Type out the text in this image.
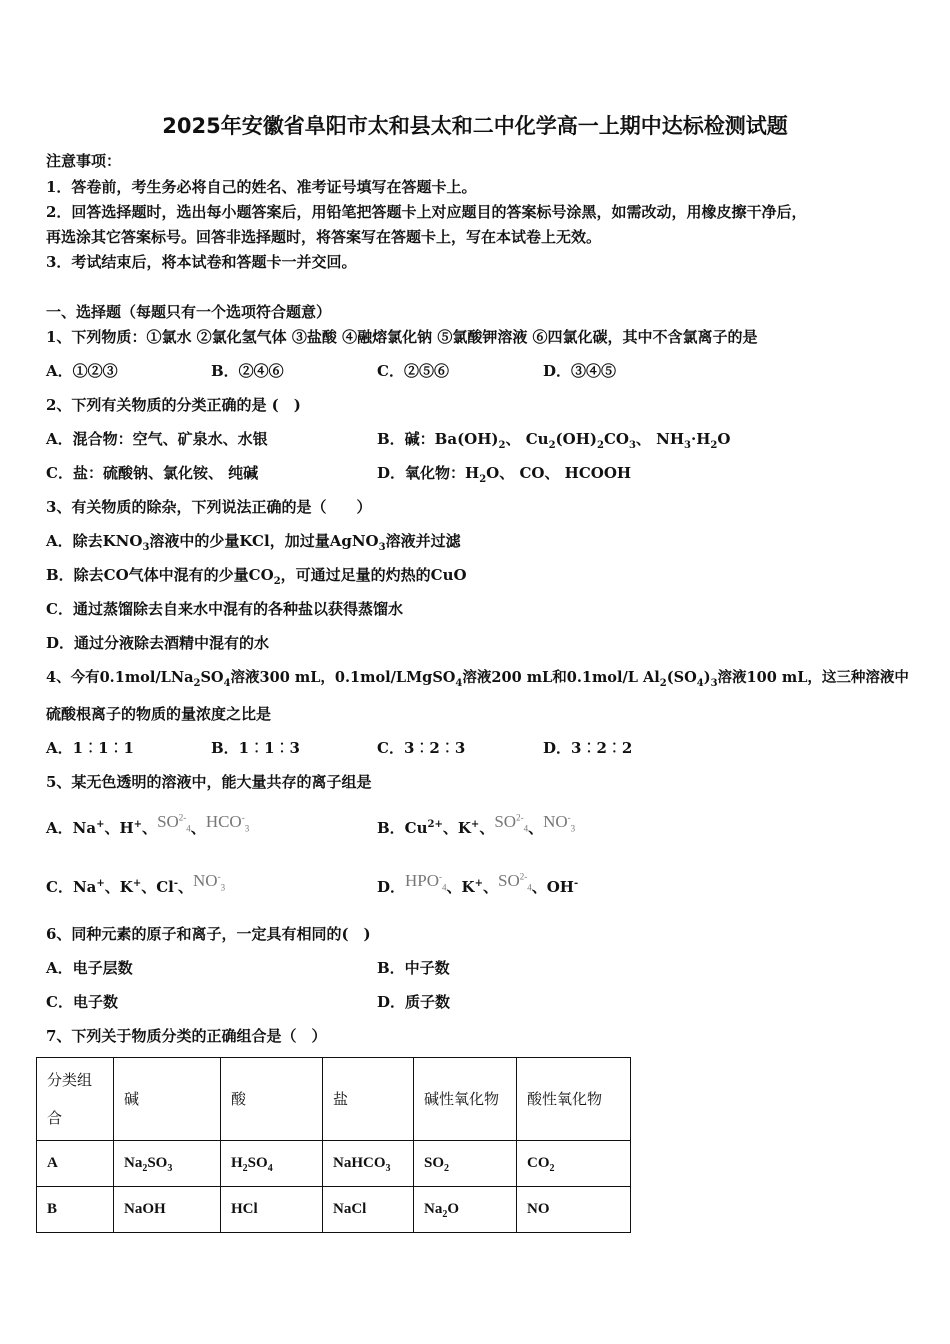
2025年安徽省阜阳市太和县太和二中化学高一上期中达标检测试题
注意事项：
1．答卷前，考生务必将自己的姓名、准考证号填写在答题卡上。
2．回答选择题时，选出每小题答案后，用铅笔把答题卡上对应题目的答案标号涂黑，如需改动，用橡皮擦干净后，
再选涂其它答案标号。回答非选择题时，将答案写在答题卡上，写在本试卷上无效。
3．考试结束后，将本试卷和答题卡一并交回。
一、选择题（每题只有一个选项符合题意）
1、下列物质：①氯水 ②氯化氢气体 ③盐酸 ④融熔氯化钠 ⑤氯酸钾溶液 ⑥四氯化碳，其中不含氯离子的是
A．①②③	B．②④⑥	C．②⑤⑥	D．③④⑤
2、下列有关物质的分类正确的是 (　)
A．混合物：空气、矿泉水、水银	B．碱：$Ba(OH)_2$、 $Cu_2(OH)_2CO_3$、 $NH_3\cdot H_2O$
C．盐：硫酸钠、氯化铵、 纯碱	D．氧化物：$H_2O$、 CO、 HCOOH
3、有关物质的除杂，下列说法正确的是（　　）
A．除去$KNO_3$溶液中的少量KCl，加过量AgNO$_3$溶液并过滤
B．除去CO气体中混有的少量$CO_2$，可通过足量的灼热的CuO
C．通过蒸馏除去自来水中混有的各种盐以获得蒸馏水
D．通过分液除去酒精中混有的水
4、今有$0.1mol/LNa_2SO_4$溶液300 mL，0.1mol/LMgSO$_4$溶液200 mL和0.1mol/L $Al_2(SO_4)_3$溶液100 mL，这三种溶液中
硫酸根离子的物质的量浓度之比是
A．1︰1︰1	B．1︰1︰3	C．3︰2︰3	D．3︰2︰2
5、某无色透明的溶液中，能大量共存的离子组是
A．Na+、H+、$SO^{2-}_4$、$HCO^-_3$	B．$Cu^{2+}$、K+、$SO^{2-}_4$、$NO^-_3$
C．Na+、K+、Cl-、$NO^-_3$	D．$HPO^-_4$、K+、$SO^{2-}_4$、OH-
6、同种元素的原子和离子，一定具有相同的(　)
A．电子层数	B．中子数
C．电子数	D．质子数
7、下列关于物质分类的正确组合是（　）
分类组合	碱	酸	盐	碱性氧化物	酸性氧化物
A	$Na_2SO_3$	$H_2SO_4$	NaHCO$_3$	$SO_2$	$CO_2$
B	NaOH	HCl	NaCl	$Na_2O$	NO
